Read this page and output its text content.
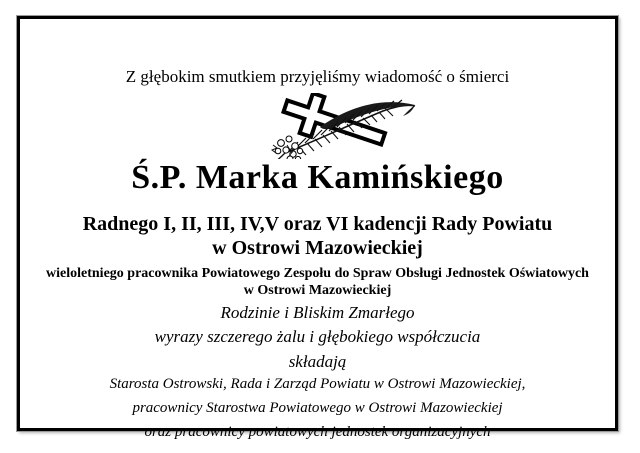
Z głębokim smutkiem przyjęliśmy wiadomość o śmierci
Ś.P. Marka Kamińskiego
Radnego I, II, III, IV,V oraz VI kadencji Rady Powiatu
w Ostrowi Mazowieckiej
wieloletniego pracownika Powiatowego Zespołu do Spraw Obsługi Jednostek Oświatowych
w Ostrowi Mazowieckiej
Rodzinie i Bliskim Zmarłego
wyrazy szczerego żalu i głębokiego współczucia
składają
Starosta Ostrowski, Rada i Zarząd Powiatu w Ostrowi Mazowieckiej,
pracownicy Starostwa Powiatowego w Ostrowi Mazowieckiej
oraz pracownicy powiatowych jednostek organizacyjnych
